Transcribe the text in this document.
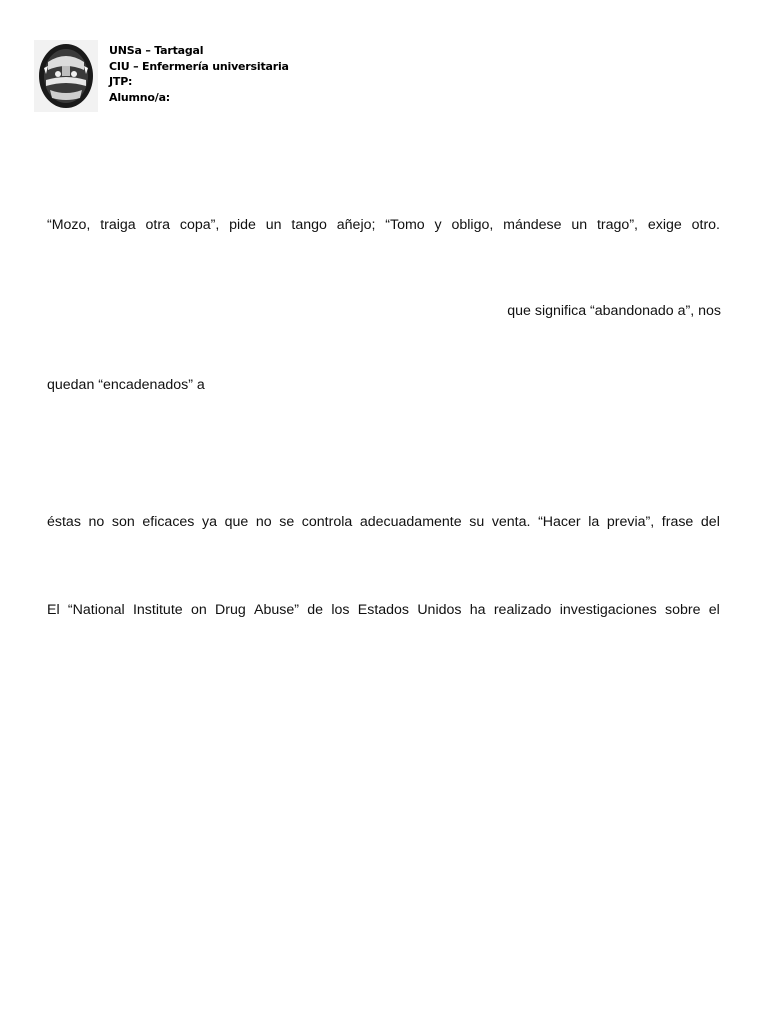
UNSa – Tartagal
CIU – Enfermería universitaria
JTP:
Alumno/a:
“Mozo, traiga otra copa”, pide un tango añejo; “Tomo y obligo, mándese un trago”, exige otro.
que significa “abandonado a”, nos
quedan “encadenados” a
éstas no son eficaces ya que no se controla adecuadamente su venta. “Hacer la previa”, frase del
El “National Institute on Drug Abuse” de los Estados Unidos ha realizado investigaciones sobre el
